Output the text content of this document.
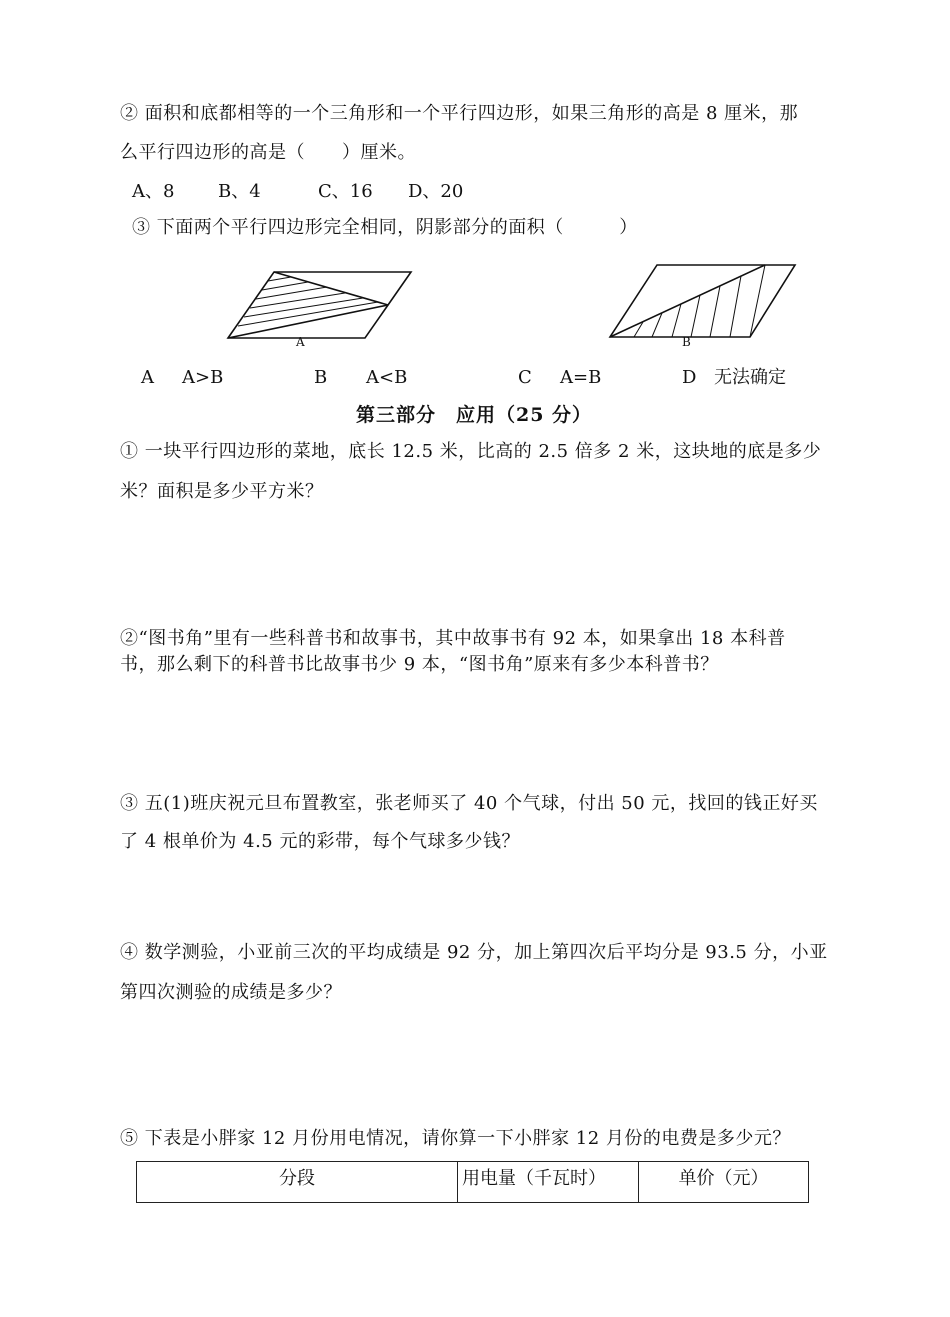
② 面积和底都相等的一个三角形和一个平行四边形，如果三角形的高是 8 厘米，那
么平行四边形的高是（　　）厘米。
A、8 B、4	C、16 D、20
③ 下面两个平行四边形完全相同，阴影部分的面积（　　　）
A	B
A A>B	B A<B	C A=B	D 无法确定
第三部分　应用（25 分）
① 一块平行四边形的菜地，底长 12.5 米，比高的 2.5 倍多 2 米，这块地的底是多少
米？面积是多少平方米？
②“图书角”里有一些科普书和故事书，其中故事书有 92 本，如果拿出 18 本科普
书，那么剩下的科普书比故事书少 9 本，“图书角”原来有多少本科普书？
③ 五(1)班庆祝元旦布置教室，张老师买了 40 个气球，付出 50 元，找回的钱正好买
了 4 根单价为 4.5 元的彩带，每个气球多少钱？
④ 数学测验，小亚前三次的平均成绩是 92 分，加上第四次后平均分是 93.5 分，小亚
第四次测验的成绩是多少？
⑤ 下表是小胖家 12 月份用电情况，请你算一下小胖家 12 月份的电费是多少元？
分段	用电量（千瓦时）	单价（元）
